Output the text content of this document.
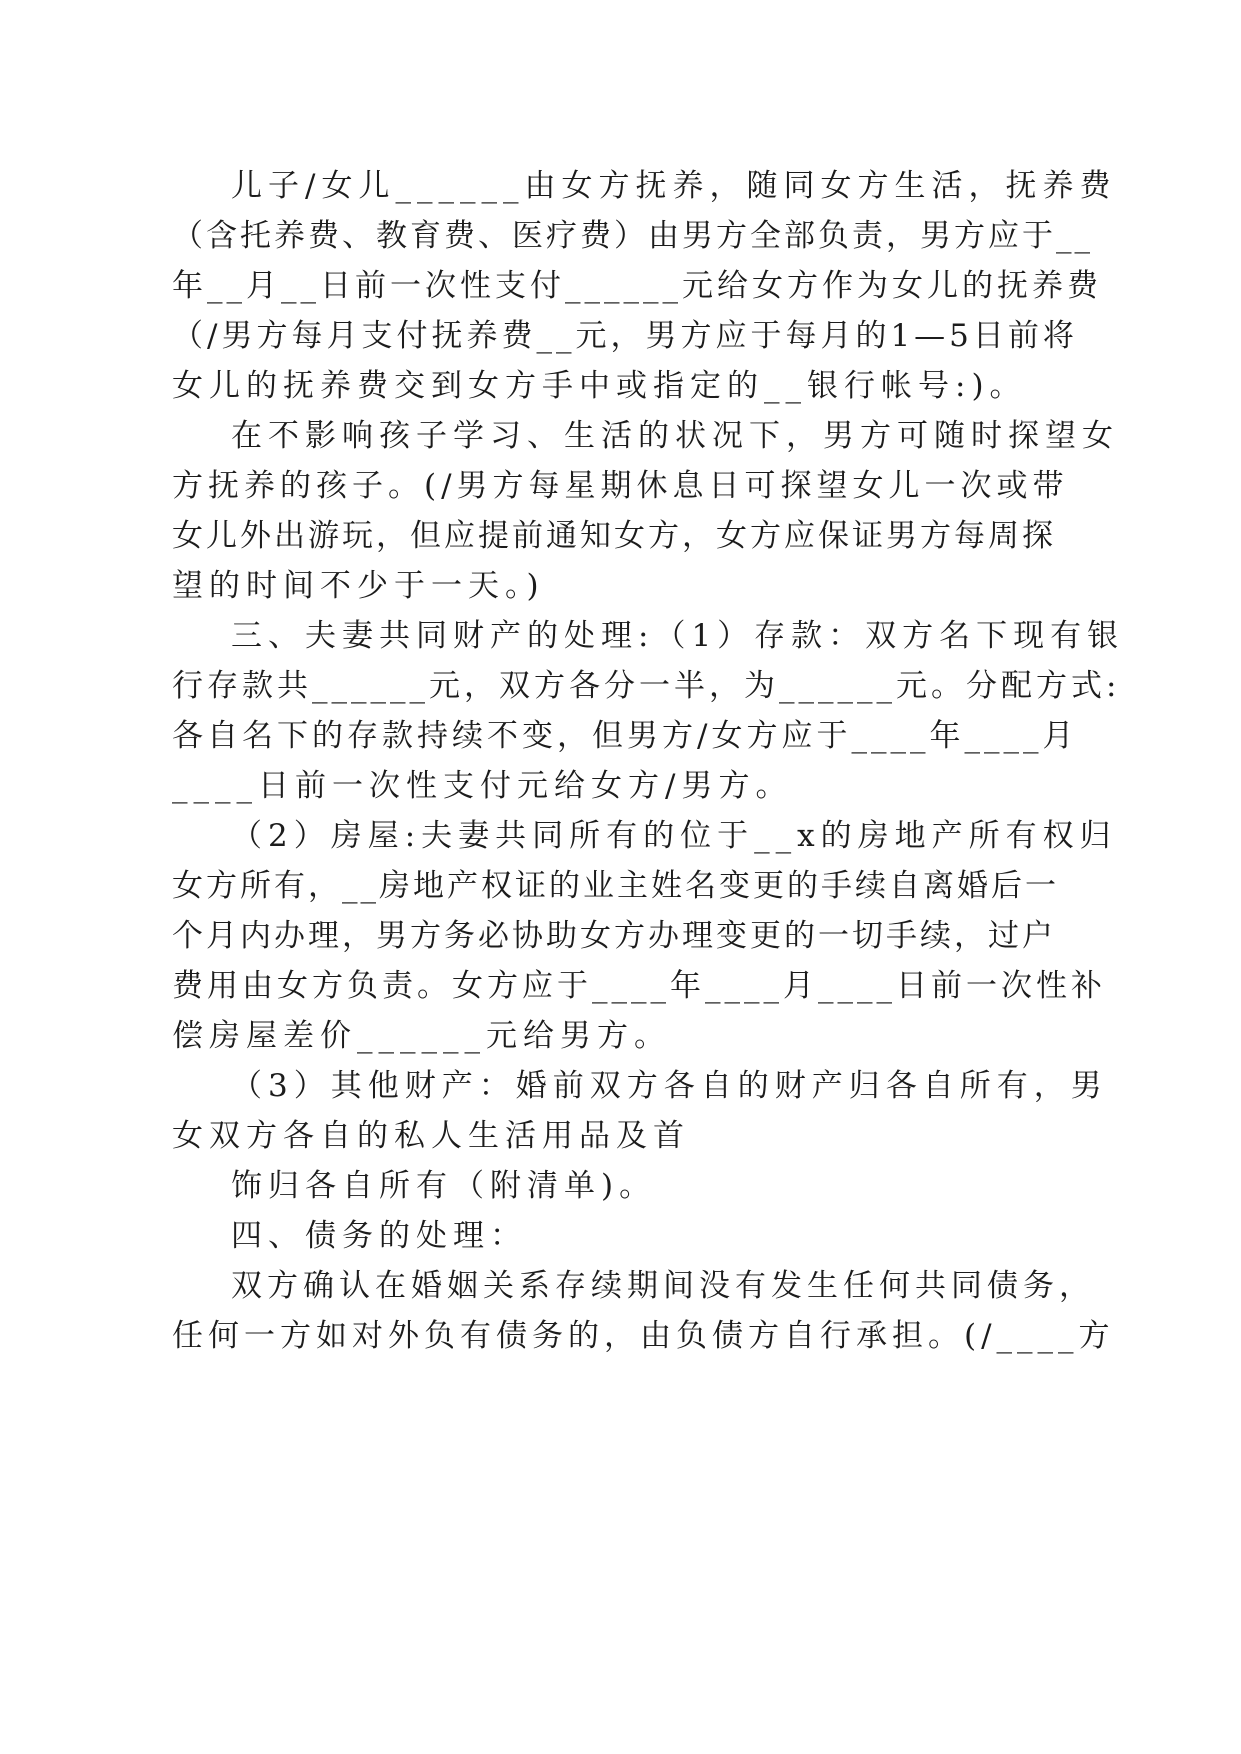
儿子/女儿______由女方抚养，随同女方生活，抚养费

（含托养费、教育费、医疗费）由男方全部负责，男方应于__

年__月__日前一次性支付______元给女方作为女儿的抚养费

（/男方每月支付抚养费__元，男方应于每月的1—5日前将

女儿的抚养费交到女方手中或指定的__银行帐号:)。

在不影响孩子学习、生活的状况下，男方可随时探望女

方抚养的孩子。(/男方每星期休息日可探望女儿一次或带

女儿外出游玩，但应提前通知女方，女方应保证男方每周探

望的时间不少于一天。)

三、夫妻共同财产的处理:（1）存款：双方名下现有银

行存款共______元，双方各分一半，为______元。分配方式:

各自名下的存款持续不变，但男方/女方应于____年____月

____日前一次性支付元给女方/男方。

（2）房屋:夫妻共同所有的位于__x的房地产所有权归

女方所有，__房地产权证的业主姓名变更的手续自离婚后一

个月内办理，男方务必协助女方办理变更的一切手续，过户

费用由女方负责。女方应于____年____月____日前一次性补

偿房屋差价______元给男方。

（3）其他财产：婚前双方各自的财产归各自所有，男

女双方各自的私人生活用品及首

饰归各自所有（附清单)。

四、债务的处理：

双方确认在婚姻关系存续期间没有发生任何共同债务，

任何一方如对外负有债务的，由负债方自行承担。(/____方
